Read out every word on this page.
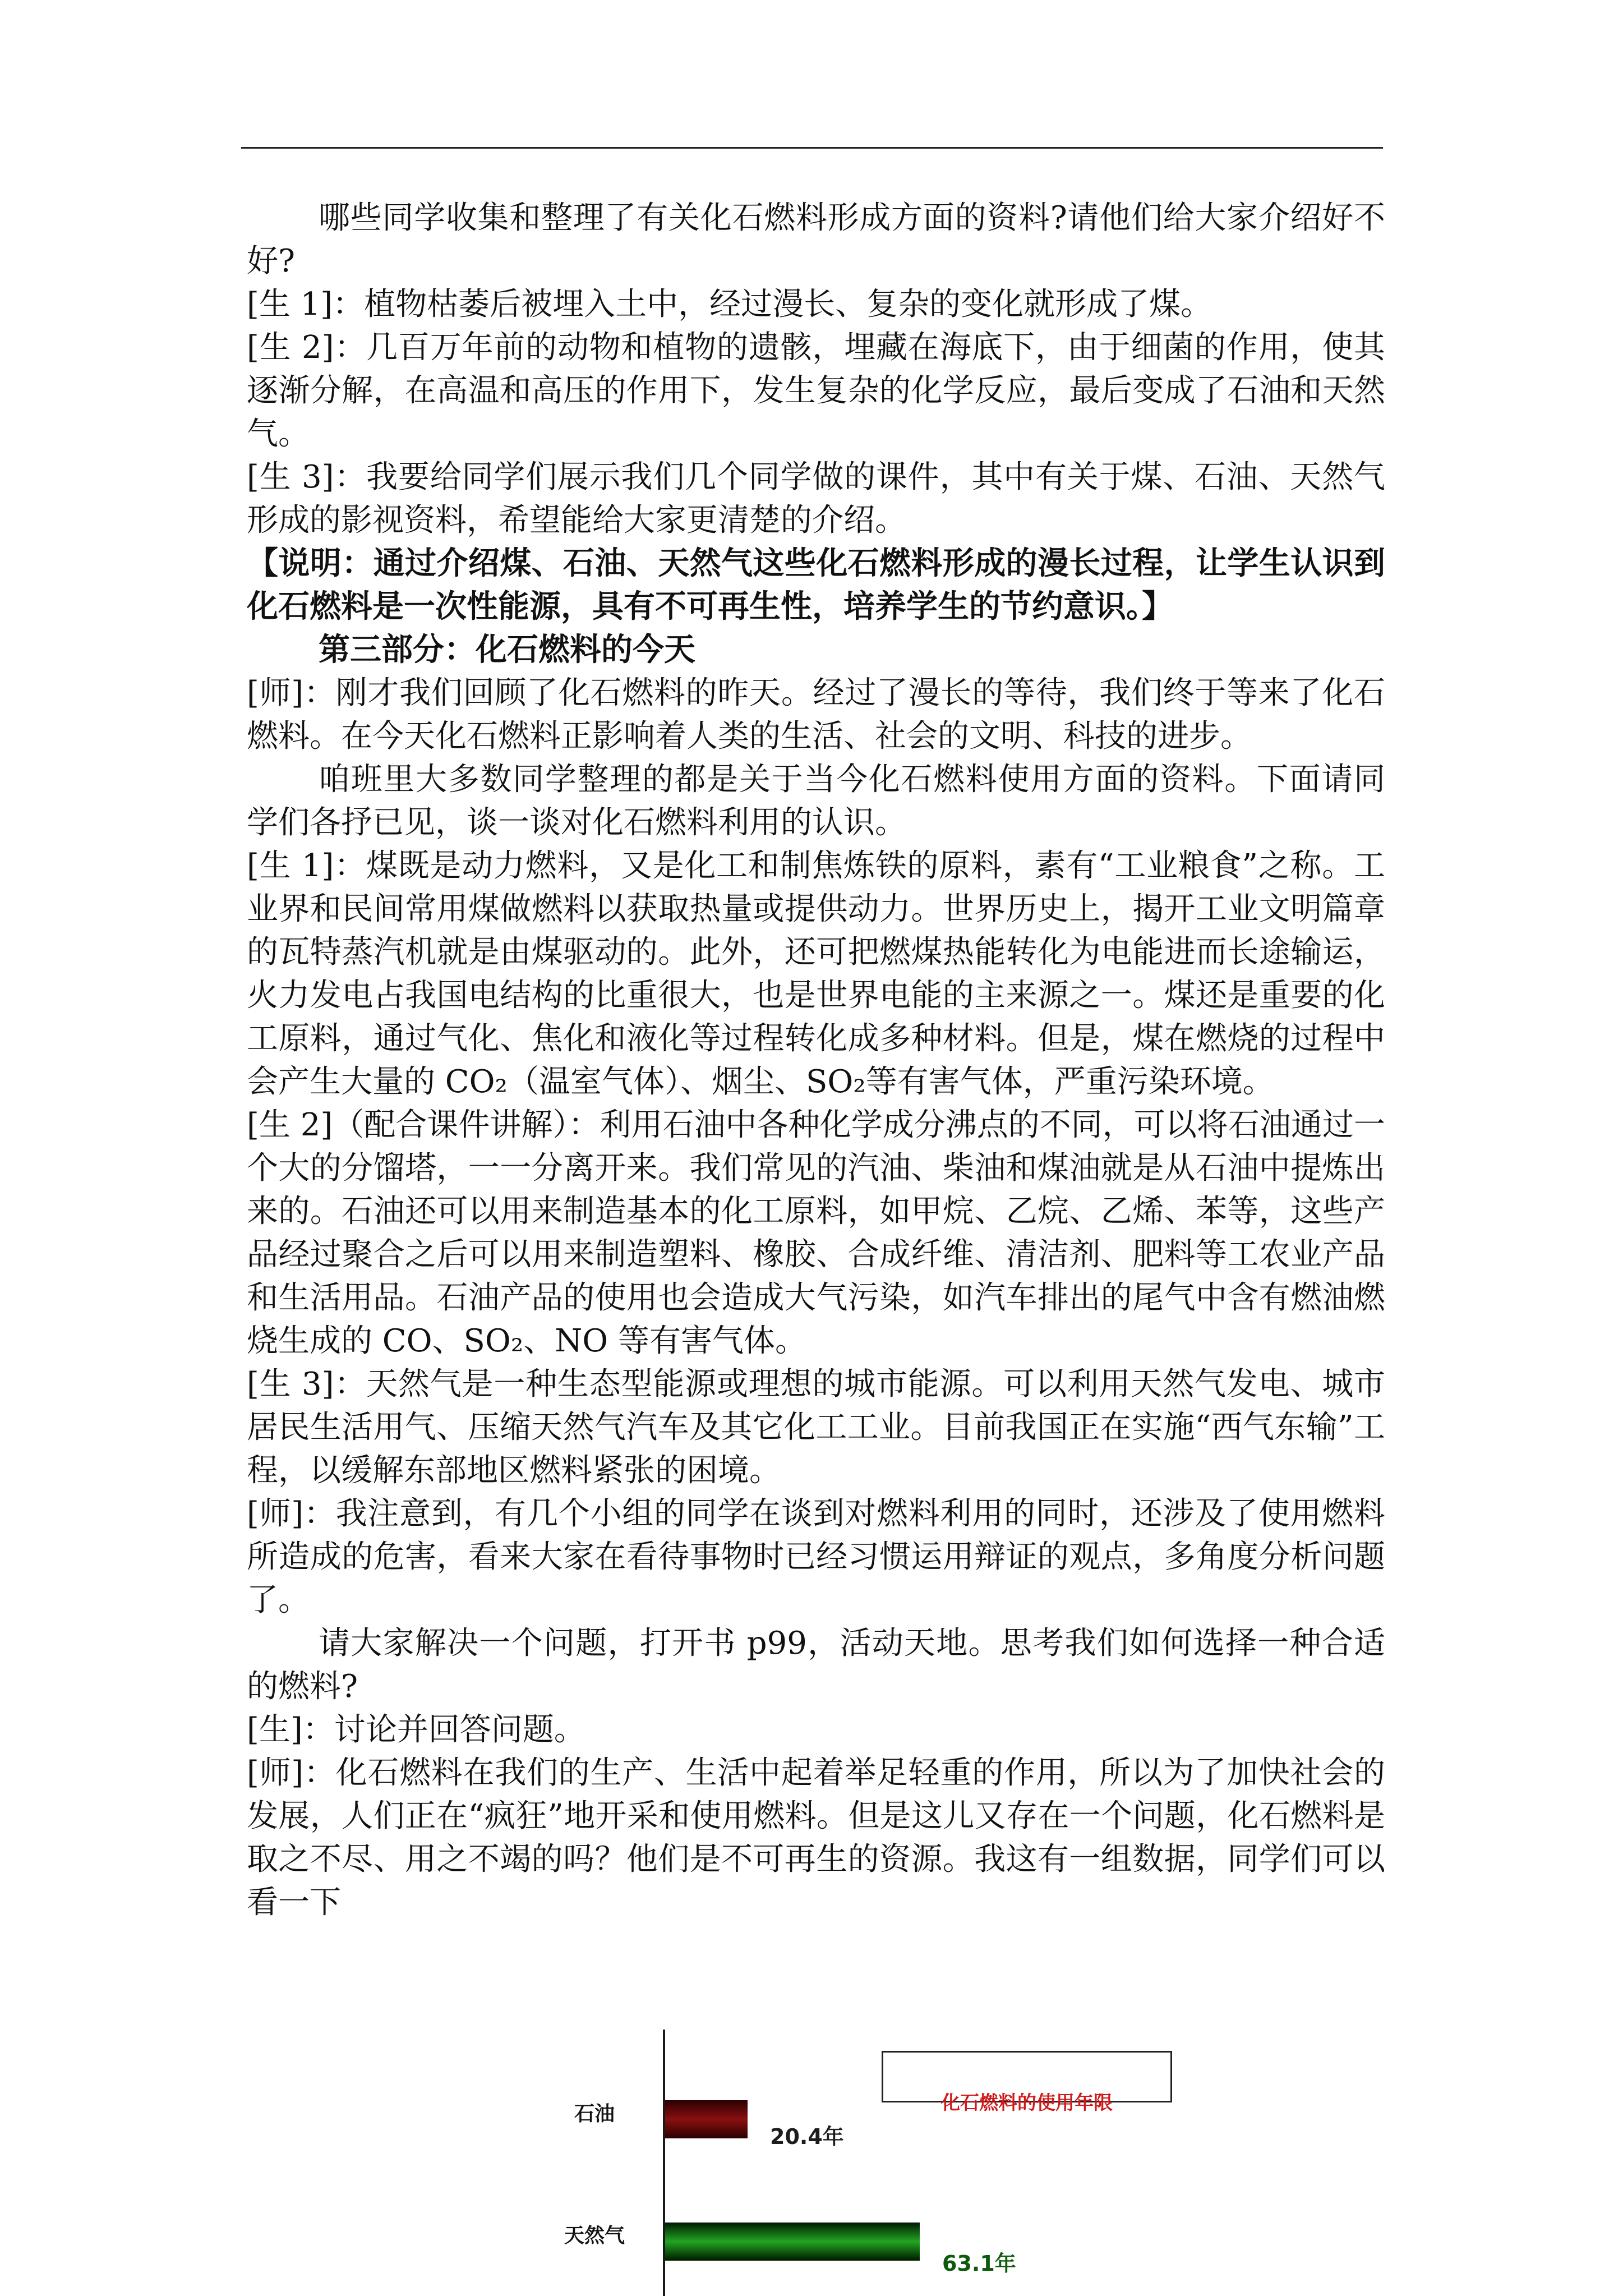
哪些同学收集和整理了有关化石燃料形成方面的资料?请他们给大家介绍好不好?

[生 1]：植物枯萎后被埋入土中，经过漫长、复杂的变化就形成了煤。

[生 2]：几百万年前的动物和植物的遗骸，埋藏在海底下，由于细菌的作用，使其逐渐分解，在高温和高压的作用下，发生复杂的化学反应，最后变成了石油和天然气。

[生 3]：我要给同学们展示我们几个同学做的课件，其中有关于煤、石油、天然气形成的影视资料，希望能给大家更清楚的介绍。

【说明：通过介绍煤、石油、天然气这些化石燃料形成的漫长过程，让学生认识到化石燃料是一次性能源，具有不可再生性，培养学生的节约意识。】

第三部分：化石燃料的今天

[师]：刚才我们回顾了化石燃料的昨天。经过了漫长的等待，我们终于等来了化石燃料。在今天化石燃料正影响着人类的生活、社会的文明、科技的进步。

咱班里大多数同学整理的都是关于当今化石燃料使用方面的资料。下面请同学们各抒已见，谈一谈对化石燃料利用的认识。

[生 1]：煤既是动力燃料，又是化工和制焦炼铁的原料，素有“工业粮食”之称。工业界和民间常用煤做燃料以获取热量或提供动力。世界历史上，揭开工业文明篇章的瓦特蒸汽机就是由煤驱动的。此外，还可把燃煤热能转化为电能进而长途输运，火力发电占我国电结构的比重很大，也是世界电能的主来源之一。煤还是重要的化工原料，通过气化、焦化和液化等过程转化成多种材料。但是，煤在燃烧的过程中会产生大量的 CO₂（温室气体）、烟尘、SO₂等有害气体，严重污染环境。

[生 2]（配合课件讲解）：利用石油中各种化学成分沸点的不同，可以将石油通过一个大的分馏塔，一一分离开来。我们常见的汽油、柴油和煤油就是从石油中提炼出来的。石油还可以用来制造基本的化工原料，如甲烷、乙烷、乙烯、苯等，这些产品经过聚合之后可以用来制造塑料、橡胶、合成纤维、清洁剂、肥料等工农业产品和生活用品。石油产品的使用也会造成大气污染，如汽车排出的尾气中含有燃油燃烧生成的 CO、SO₂、NO 等有害气体。

[生 3]：天然气是一种生态型能源或理想的城市能源。可以利用天然气发电、城市居民生活用气、压缩天然气汽车及其它化工工业。目前我国正在实施“西气东输”工程，以缓解东部地区燃料紧张的困境。

[师]：我注意到，有几个小组的同学在谈到对燃料利用的同时，还涉及了使用燃料所造成的危害，看来大家在看待事物时已经习惯运用辩证的观点，多角度分析问题了。

请大家解决一个问题，打开书 p99，活动天地。思考我们如何选择一种合适的燃料?

[生]：讨论并回答问题。

[师]：化石燃料在我们的生产、生活中起着举足轻重的作用，所以为了加快社会的发展，人们正在“疯狂”地开采和使用燃料。但是这儿又存在一个问题，化石燃料是取之不尽、用之不竭的吗？他们是不可再生的资源。我这有一组数据，同学们可以看一下

石油
20.4年
天然气
63.1年
化石燃料的使用年限
